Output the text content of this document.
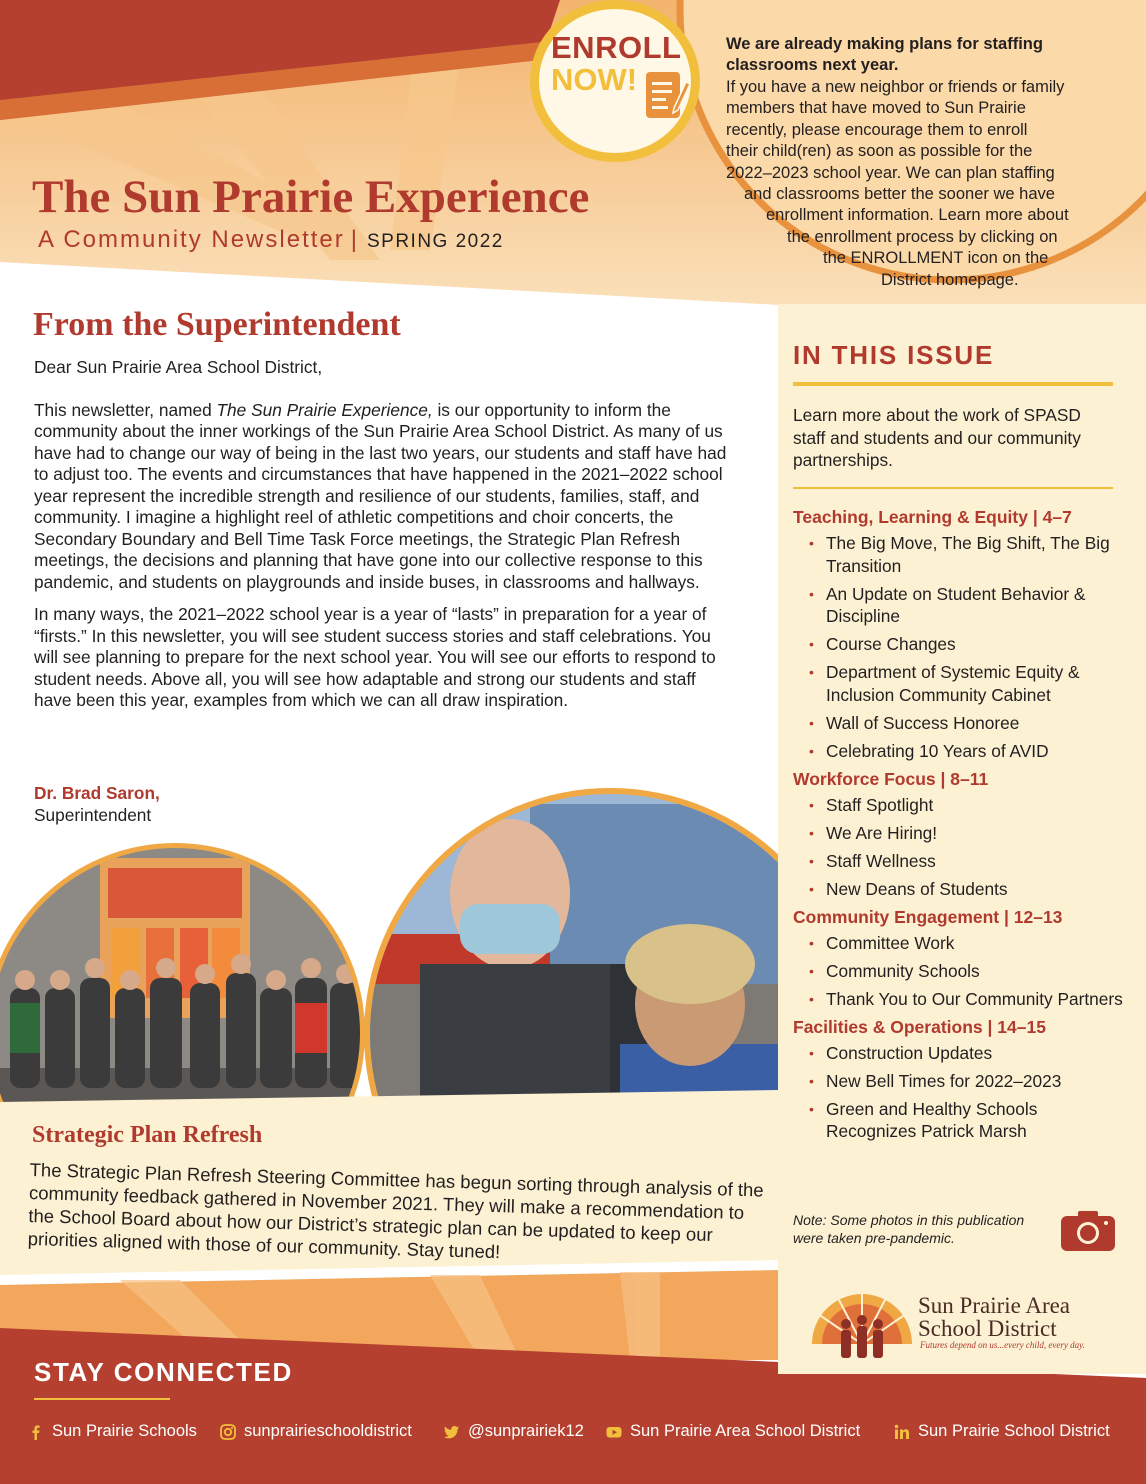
The Sun Prairie Experience
A Community Newsletter | SPRING 2022
ENROLL
NOW!
We are already making plans for staffing
classrooms next year.
If you have a new neighbor or friends or family
members that have moved to Sun Prairie
recently, please encourage them to enroll
their child(ren) as soon as possible for the
2022–2023 school year. We can plan staffing
and classrooms better the sooner we have
enrollment information. Learn more about
the enrollment process by clicking on
the ENROLLMENT icon on the
District homepage.
From the Superintendent

Dear Sun Prairie Area School District,

This newsletter, named The Sun Prairie Experience, is our opportunity to inform the community about the inner workings of the Sun Prairie Area School District. As many of us have had to change our way of being in the last two years, our students and staff have had to adjust too. The events and circumstances that have happened in the 2021–2022 school year represent the incredible strength and resilience of our students, families, staff, and community. I imagine a highlight reel of athletic competitions and choir concerts, the Secondary Boundary and Bell Time Task Force meetings, the Strategic Plan Refresh meetings, the decisions and planning that have gone into our collective response to this pandemic, and students on playgrounds and inside buses, in classrooms and hallways.

In many ways, the 2021–2022 school year is a year of “lasts” in preparation for a year of “firsts.” In this newsletter, you will see student success stories and staff celebrations. You will see planning to prepare for the next school year. You will see our efforts to respond to student needs. Above all, you will see how adaptable and strong our students and staff have been this year, examples from which we can all draw inspiration.

Dr. Brad Saron,
Superintendent
Strategic Plan Refresh
The Strategic Plan Refresh Steering Committee has begun sorting through analysis of the community feedback gathered in November 2021. They will make a recommendation to the School Board about how our District’s strategic plan can be updated to keep our priorities aligned with those of our community. Stay tuned!
IN THIS ISSUE
Learn more about the work of SPASD staff and students and our community partnerships.
Teaching, Learning & Equity | 4–7
• The Big Move, The Big Shift, The Big Transition
• An Update on Student Behavior & Discipline
• Course Changes
• Department of Systemic Equity & Inclusion Community Cabinet
• Wall of Success Honoree
• Celebrating 10 Years of AVID
Workforce Focus | 8–11
• Staff Spotlight
• We Are Hiring!
• Staff Wellness
• New Deans of Students
Community Engagement | 12–13
• Committee Work
• Community Schools
• Thank You to Our Community Partners
Facilities & Operations | 14–15
• Construction Updates
• New Bell Times for 2022–2023
• Green and Healthy Schools Recognizes Patrick Marsh
Note: Some photos in this publication were taken pre-pandemic.
Sun Prairie Area
School District
Futures depend on us...every child, every day.
STAY CONNECTED
Sun Prairie Schools	sunprairieschooldistrict	@sunprairiek12	Sun Prairie Area School District	Sun Prairie School District
